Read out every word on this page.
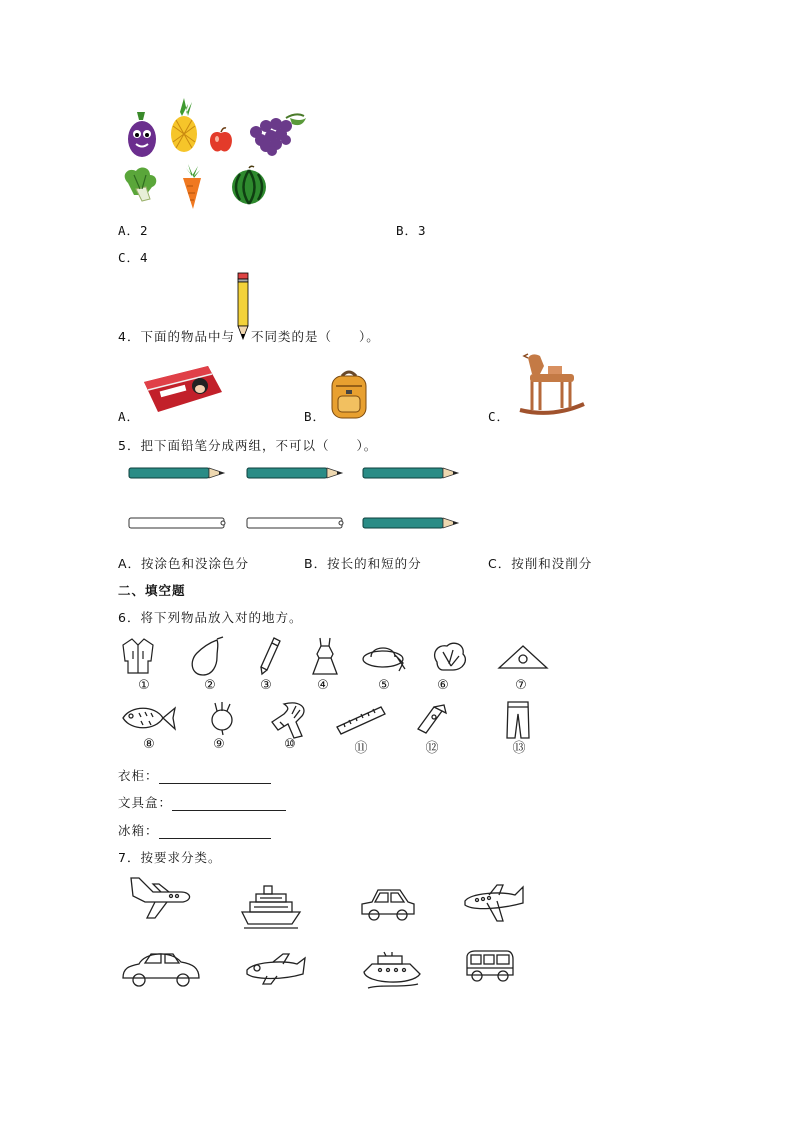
A．2	B．3
C．4
4．下面的物品中与 不同类的是（　　）。
A．	B．	C．
5．把下面铅笔分成两组，不可以（　　）。
A．按涂色和没涂色分	B．按长的和短的分	C．按削和没削分
二、填空题
6．将下列物品放入对的地方。
①	②	③	④	⑤	⑥	⑦
⑧	⑨	⑩	⑪	⑫	⑬
衣柜：
文具盒：
冰箱：
7．按要求分类。
